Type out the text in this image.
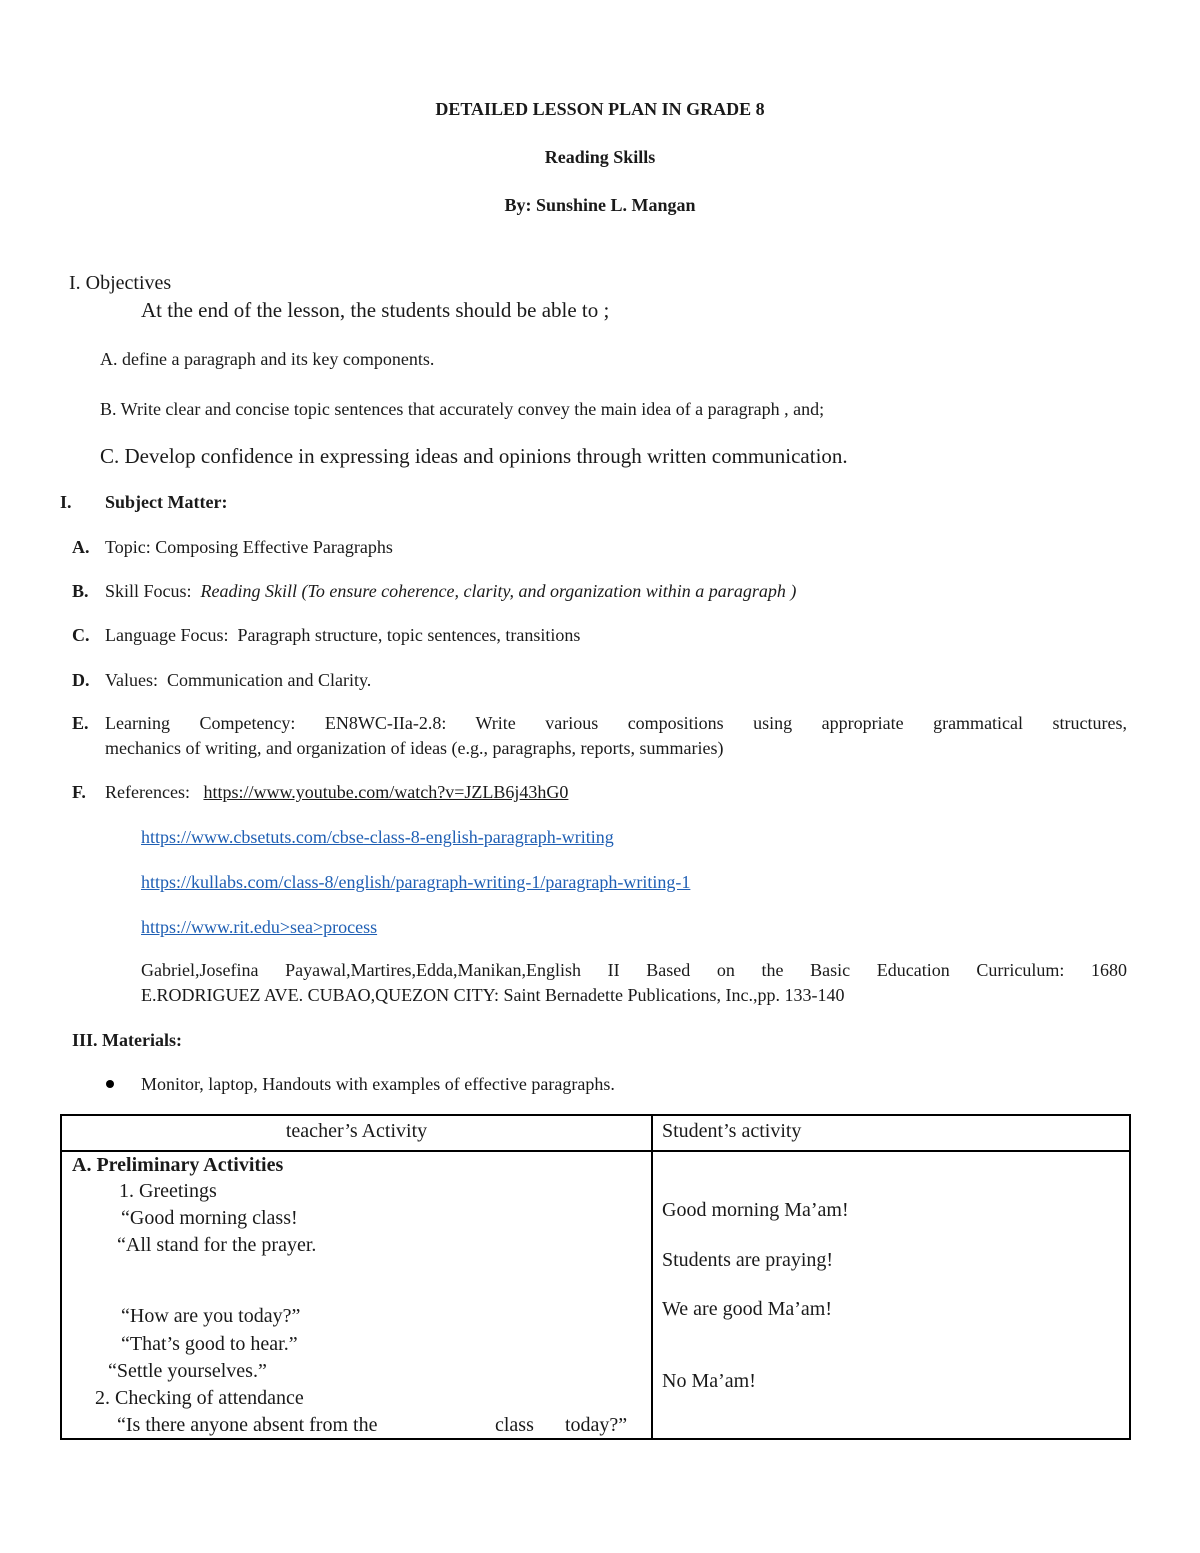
DETAILED LESSON PLAN IN GRADE 8
Reading Skills
By: Sunshine L. Mangan
I. Objectives
At the end of the lesson, the students should be able to ;
A. define a paragraph and its key components.
B. Write clear and concise topic sentences that accurately convey the main idea of a paragraph , and;
C. Develop confidence in expressing ideas and opinions through written communication.
I. Subject Matter:
A. Topic: Composing Effective Paragraphs
B. Skill Focus: Reading Skill (To ensure coherence, clarity, and organization within a paragraph )
C. Language Focus: Paragraph structure, topic sentences, transitions
D. Values: Communication and Clarity.
E. Learning Competency: EN8WC-IIa-2.8: Write various compositions using appropriate grammatical structures,
mechanics of writing, and organization of ideas (e.g., paragraphs, reports, summaries)
F. References: https://www.youtube.com/watch?v=JZLB6j43hG0
https://www.cbsetuts.com/cbse-class-8-english-paragraph-writing
https://kullabs.com/class-8/english/paragraph-writing-1/paragraph-writing-1
https://www.rit.edu>sea>process
Gabriel,Josefina Payawal,Martires,Edda,Manikan,English II Based on the Basic Education Curriculum: 1680
E.RODRIGUEZ AVE. CUBAO,QUEZON CITY: Saint Bernadette Publications, Inc.,pp. 133-140
III. Materials:
Monitor, laptop, Handouts with examples of effective paragraphs.
teacher’s Activity	Student’s activity
A. Preliminary Activities
1. Greetings
“Good morning class!
“All stand for the prayer.
“How are you today?”
“That’s good to hear.”
“Settle yourselves.”
2. Checking of attendance
“Is there anyone absent from the	class today?”
Good morning Ma’am!
Students are praying!
We are good Ma’am!
No Ma’am!
